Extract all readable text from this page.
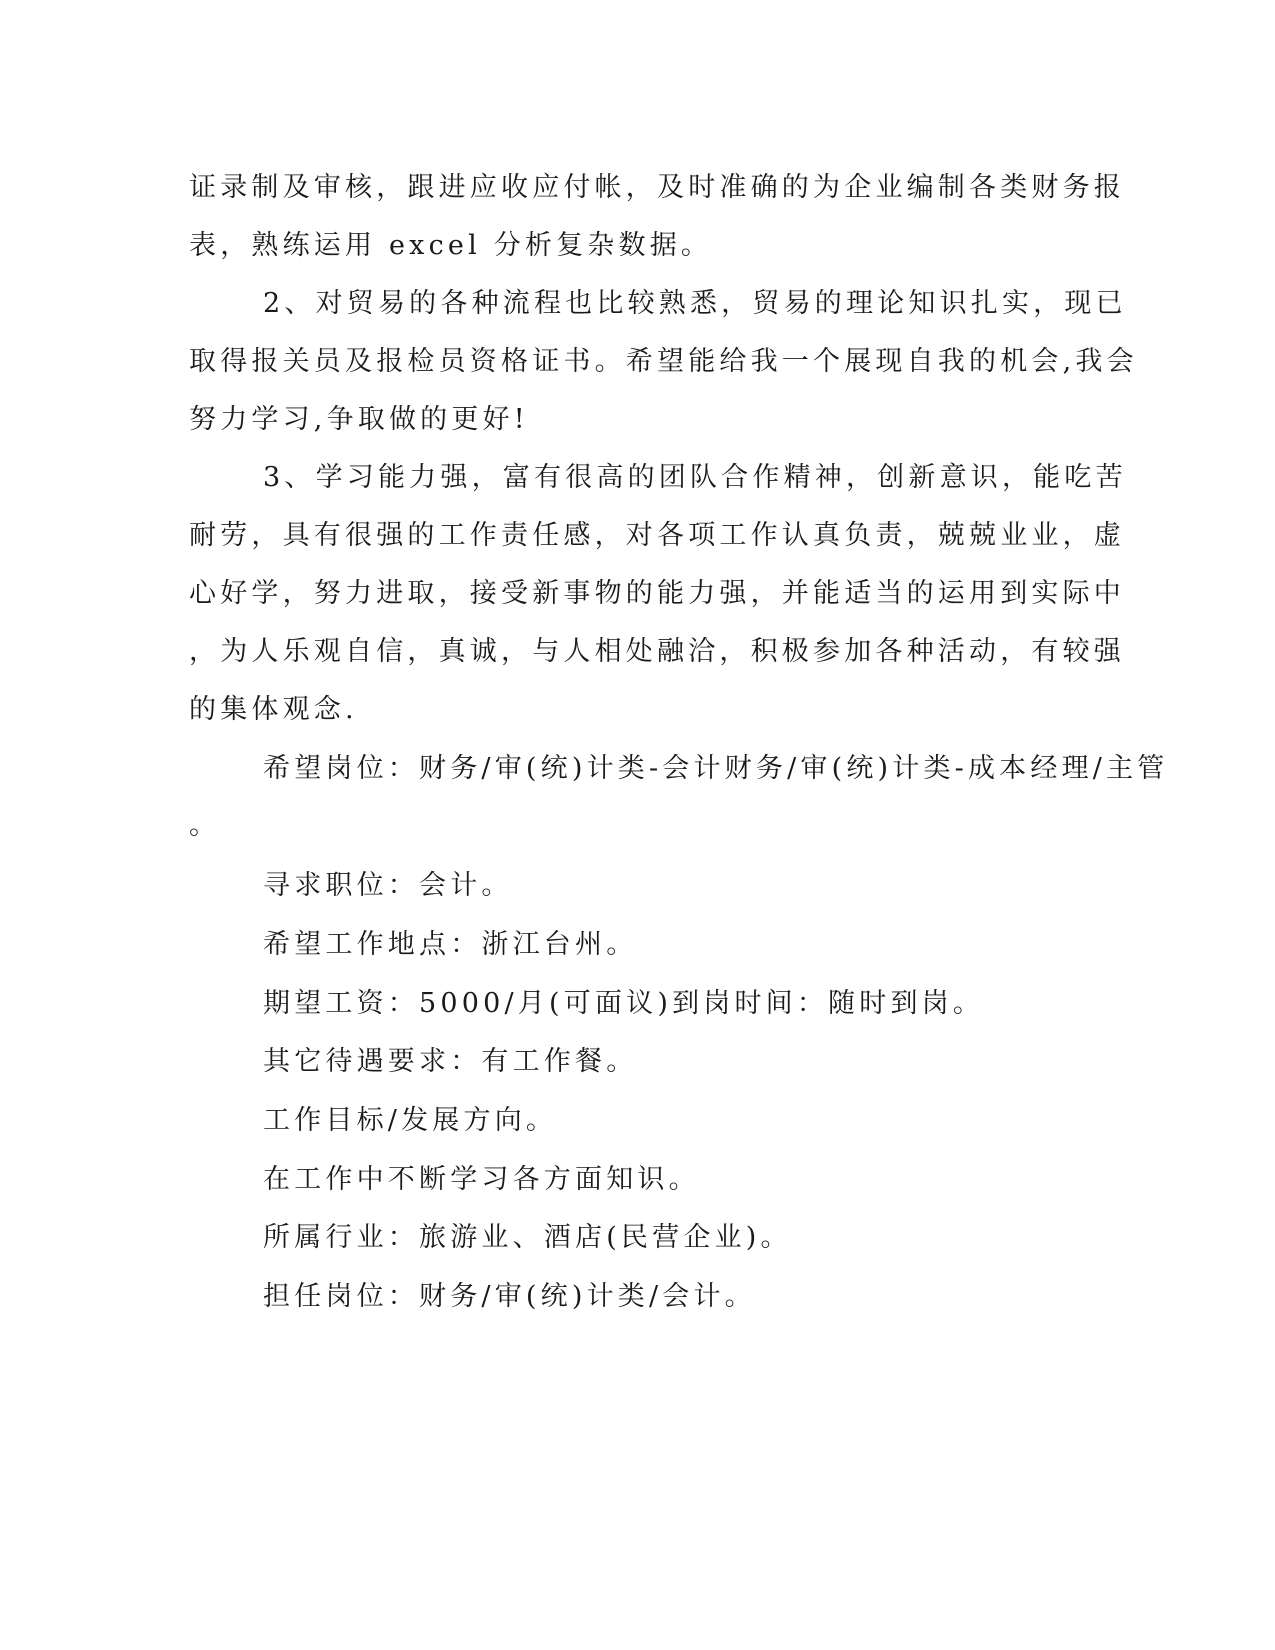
证录制及审核，跟进应收应付帐，及时准确的为企业编制各类财务报
表，熟练运用 excel 分析复杂数据。
2、对贸易的各种流程也比较熟悉，贸易的理论知识扎实，现已
取得报关员及报检员资格证书。希望能给我一个展现自我的机会,我会
努力学习,争取做的更好!
3、学习能力强，富有很高的团队合作精神，创新意识，能吃苦
耐劳，具有很强的工作责任感，对各项工作认真负责，兢兢业业，虚
心好学，努力进取，接受新事物的能力强，并能适当的运用到实际中
，为人乐观自信，真诚，与人相处融洽，积极参加各种活动，有较强
的集体观念.
希望岗位：财务/审(统)计类-会计财务/审(统)计类-成本经理/主管
。
寻求职位：会计。
希望工作地点：浙江台州。
期望工资：5000/月(可面议)到岗时间：随时到岗。
其它待遇要求：有工作餐。
工作目标/发展方向。
在工作中不断学习各方面知识。
所属行业：旅游业、酒店(民营企业)。
担任岗位：财务/审(统)计类/会计。
